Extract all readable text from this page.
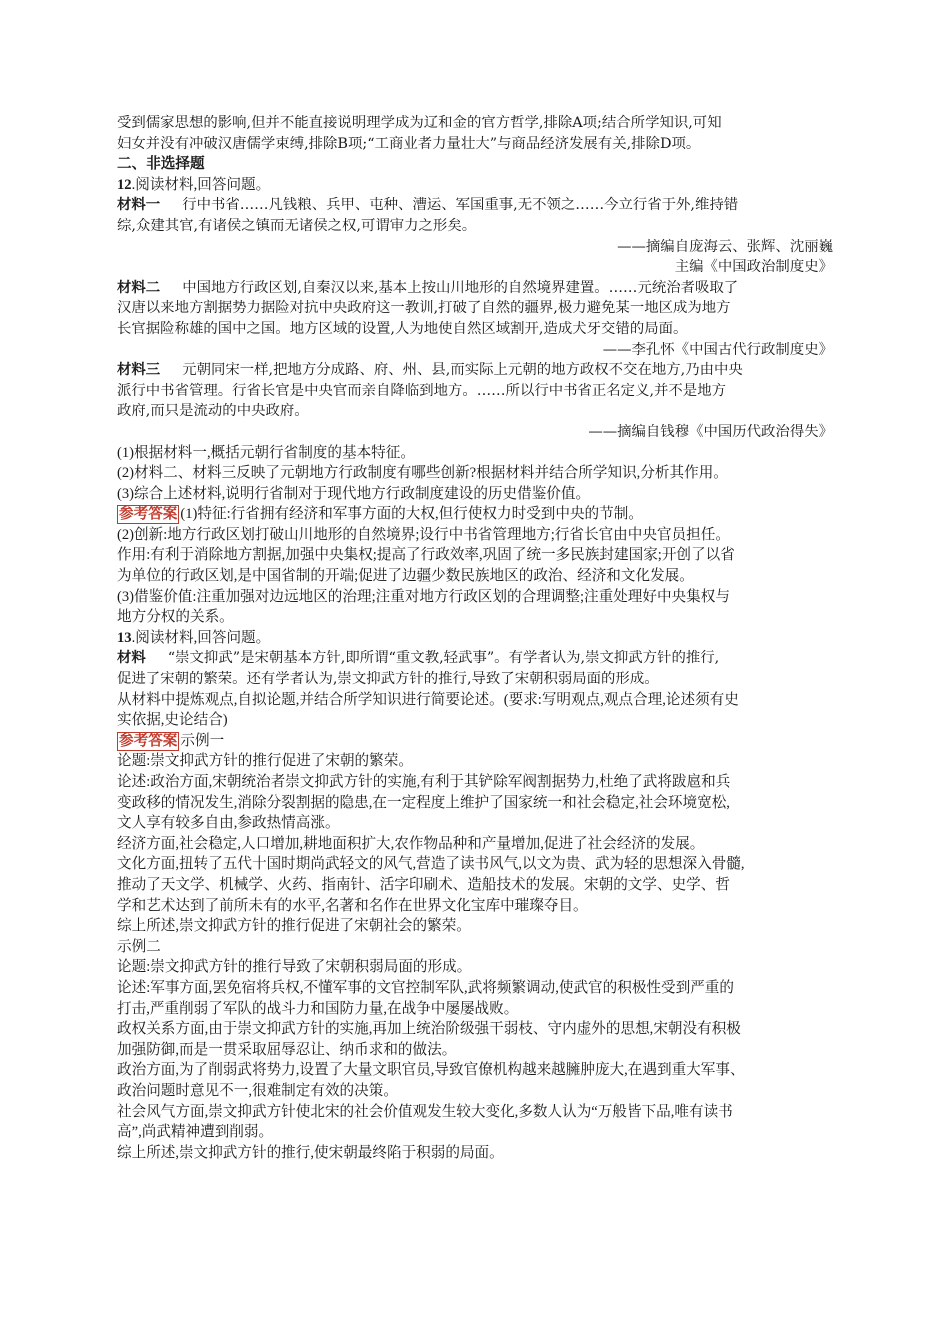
受到儒家思想的影响,但并不能直接说明理学成为辽和金的官方哲学,排除A项;结合所学知识,可知

妇女并没有冲破汉唐儒学束缚,排除B项;“工商业者力量壮大”与商品经济发展有关,排除D项。

二、非选择题

12.阅读材料,回答问题。

材料一 行中书省……凡钱粮、兵甲、屯种、漕运、军国重事,无不领之……今立行省于外,维持错

综,众建其官,有诸侯之镇而无诸侯之权,可谓审力之形矣。

——摘编自庞海云、张辉、沈丽巍

主编《中国政治制度史》

材料二 中国地方行政区划,自秦汉以来,基本上按山川地形的自然境界建置。……元统治者吸取了

汉唐以来地方割据势力据险对抗中央政府这一教训,打破了自然的疆界,极力避免某一地区成为地方

长官据险称雄的国中之国。地方区域的设置,人为地使自然区域割开,造成犬牙交错的局面。

——李孔怀《中国古代行政制度史》

材料三 元朝同宋一样,把地方分成路、府、州、县,而实际上元朝的地方政权不交在地方,乃由中央

派行中书省管理。行省长官是中央官而亲自降临到地方。……所以行中书省正名定义,并不是地方

政府,而只是流动的中央政府。

——摘编自钱穆《中国历代政治得失》

(1)根据材料一,概括元朝行省制度的基本特征。

(2)材料二、材料三反映了元朝地方行政制度有哪些创新?根据材料并结合所学知识,分析其作用。

(3)综合上述材料,说明行省制对于现代地方行政制度建设的历史借鉴价值。

参考答案 (1)特征:行省拥有经济和军事方面的大权,但行使权力时受到中央的节制。

(2)创新:地方行政区划打破山川地形的自然境界;设行中书省管理地方;行省长官由中央官员担任。

作用:有利于消除地方割据,加强中央集权;提高了行政效率,巩固了统一多民族封建国家;开创了以省

为单位的行政区划,是中国省制的开端;促进了边疆少数民族地区的政治、经济和文化发展。

(3)借鉴价值:注重加强对边远地区的治理;注重对地方行政区划的合理调整;注重处理好中央集权与

地方分权的关系。

13.阅读材料,回答问题。

材料 “崇文抑武”是宋朝基本方针,即所谓“重文教,轻武事”。有学者认为,崇文抑武方针的推行,

促进了宋朝的繁荣。还有学者认为,崇文抑武方针的推行,导致了宋朝积弱局面的形成。

从材料中提炼观点,自拟论题,并结合所学知识进行简要论述。(要求:写明观点,观点合理,论述须有史

实依据,史论结合)

参考答案 示例一

论题:崇文抑武方针的推行促进了宋朝的繁荣。

论述:政治方面,宋朝统治者崇文抑武方针的实施,有利于其铲除军阀割据势力,杜绝了武将跋扈和兵

变政移的情况发生,消除分裂割据的隐患,在一定程度上维护了国家统一和社会稳定,社会环境宽松,

文人享有较多自由,参政热情高涨。

经济方面,社会稳定,人口增加,耕地面积扩大,农作物品种和产量增加,促进了社会经济的发展。

文化方面,扭转了五代十国时期尚武轻文的风气,营造了读书风气,以文为贵、武为轻的思想深入骨髓,

推动了天文学、机械学、火药、指南针、活字印刷术、造船技术的发展。宋朝的文学、史学、哲

学和艺术达到了前所未有的水平,名著和名作在世界文化宝库中璀璨夺目。

综上所述,崇文抑武方针的推行促进了宋朝社会的繁荣。

示例二

论题:崇文抑武方针的推行导致了宋朝积弱局面的形成。

论述:军事方面,罢免宿将兵权,不懂军事的文官控制军队,武将频繁调动,使武官的积极性受到严重的

打击,严重削弱了军队的战斗力和国防力量,在战争中屡屡战败。

政权关系方面,由于崇文抑武方针的实施,再加上统治阶级强干弱枝、守内虚外的思想,宋朝没有积极

加强防御,而是一贯采取屈辱忍让、纳币求和的做法。

政治方面,为了削弱武将势力,设置了大量文职官员,导致官僚机构越来越臃肿庞大,在遇到重大军事、

政治问题时意见不一,很难制定有效的决策。

社会风气方面,崇文抑武方针使北宋的社会价值观发生较大变化,多数人认为“万般皆下品,唯有读书

高”,尚武精神遭到削弱。

综上所述,崇文抑武方针的推行,使宋朝最终陷于积弱的局面。
